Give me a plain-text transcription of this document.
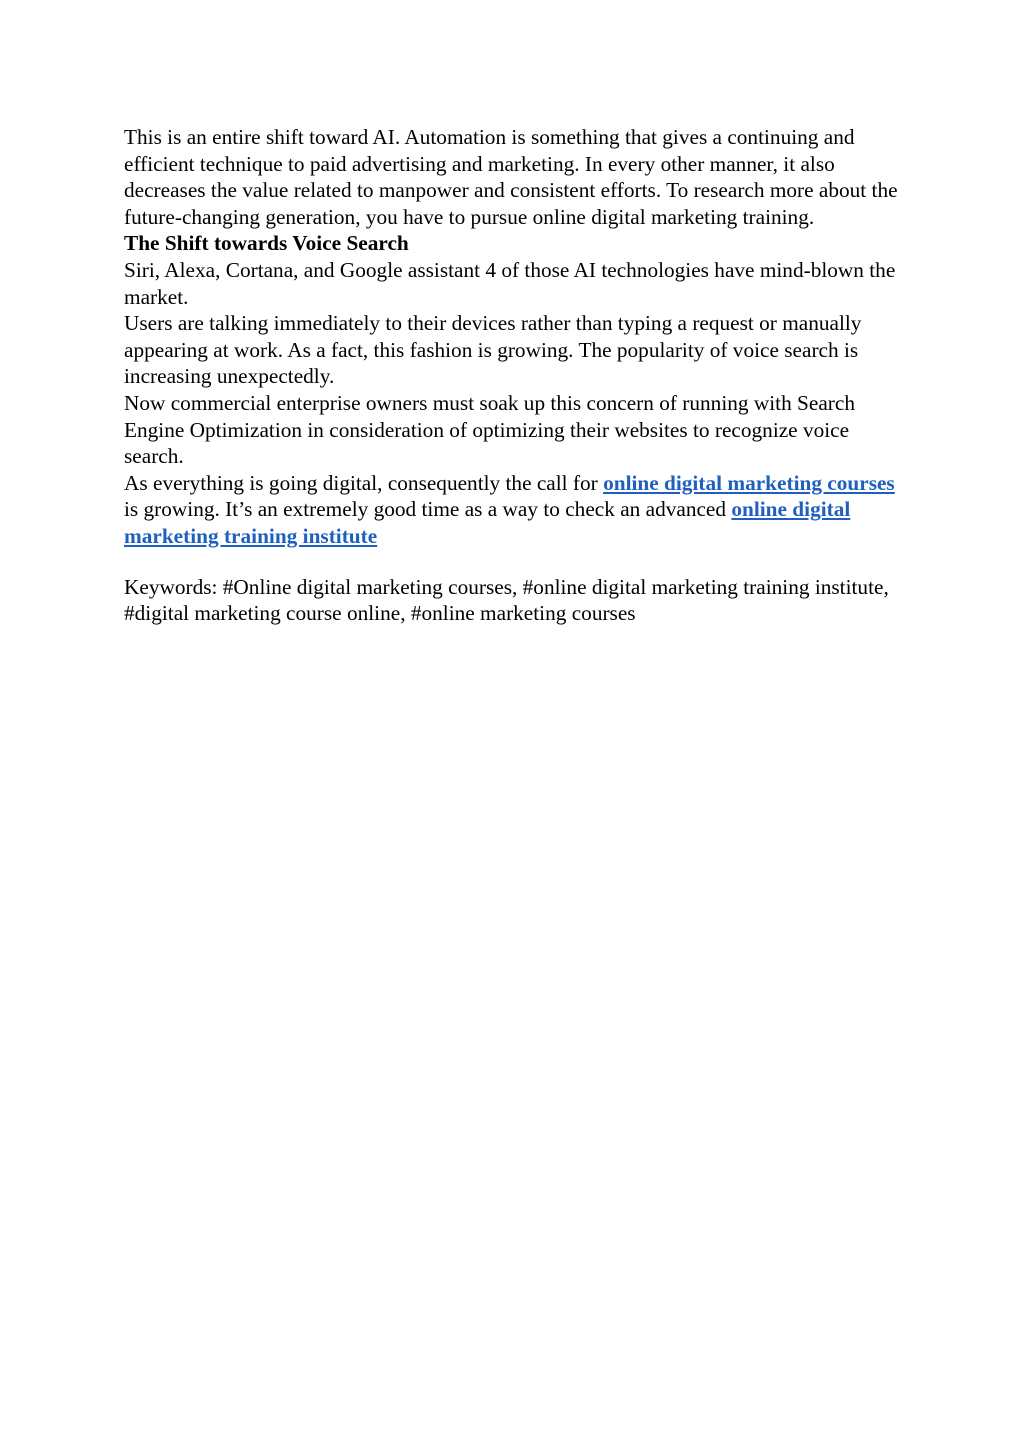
This is an entire shift toward AI. Automation is something that gives a continuing and efficient technique to paid advertising and marketing. In every other manner, it also decreases the value related to manpower and consistent efforts. To research more about the future-changing generation, you have to pursue online digital marketing training.

The Shift towards Voice Search

Siri, Alexa, Cortana, and Google assistant 4 of those AI technologies have mind-blown the market.

Users are talking immediately to their devices rather than typing a request or manually appearing at work. As a fact, this fashion is growing. The popularity of voice search is increasing unexpectedly.

Now commercial enterprise owners must soak up this concern of running with Search Engine Optimization in consideration of optimizing their websites to recognize voice search.

As everything is going digital, consequently the call for online digital marketing courses is growing. It’s an extremely good time as a way to check an advanced online digital marketing training institute

Keywords: #Online digital marketing courses, #online digital marketing training institute, #digital marketing course online, #online marketing courses
